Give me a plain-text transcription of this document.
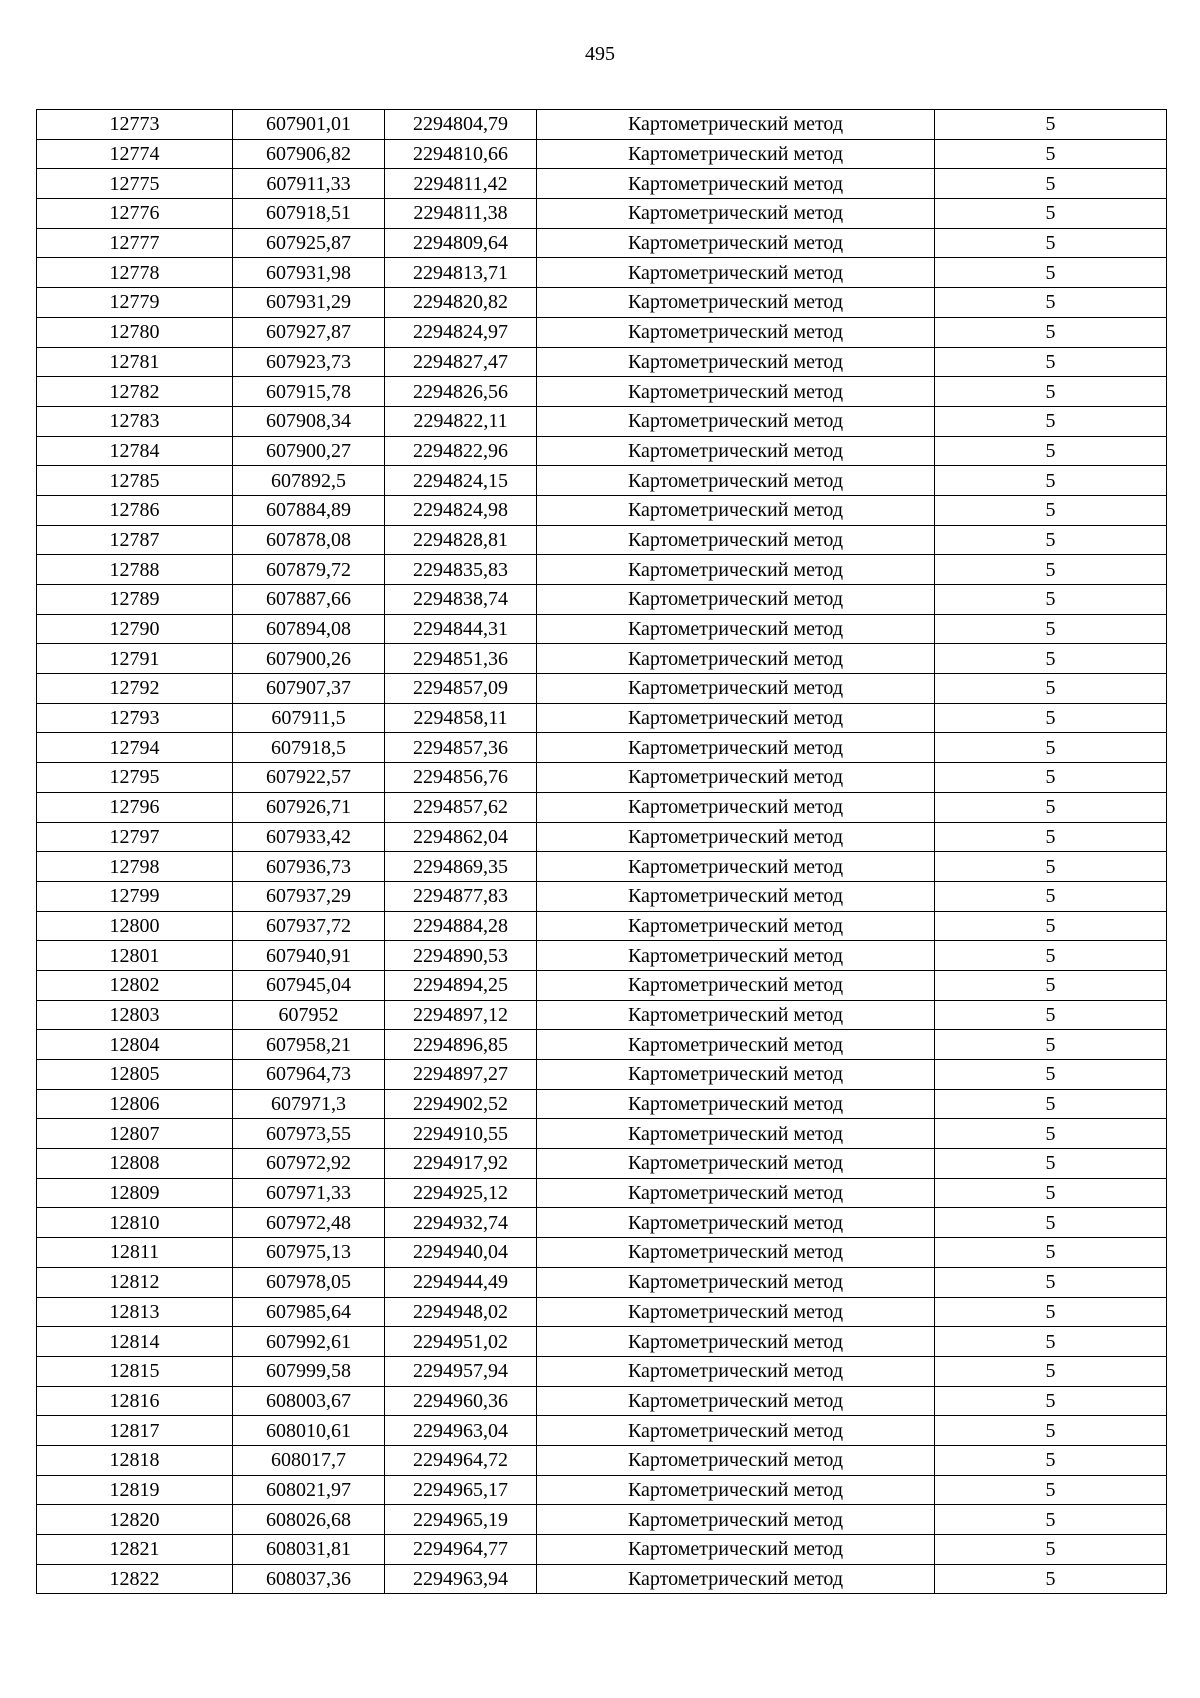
495
12773	607901,01	2294804,79	Картометрический метод	5
12774	607906,82	2294810,66	Картометрический метод	5
12775	607911,33	2294811,42	Картометрический метод	5
12776	607918,51	2294811,38	Картометрический метод	5
12777	607925,87	2294809,64	Картометрический метод	5
12778	607931,98	2294813,71	Картометрический метод	5
12779	607931,29	2294820,82	Картометрический метод	5
12780	607927,87	2294824,97	Картометрический метод	5
12781	607923,73	2294827,47	Картометрический метод	5
12782	607915,78	2294826,56	Картометрический метод	5
12783	607908,34	2294822,11	Картометрический метод	5
12784	607900,27	2294822,96	Картометрический метод	5
12785	607892,5	2294824,15	Картометрический метод	5
12786	607884,89	2294824,98	Картометрический метод	5
12787	607878,08	2294828,81	Картометрический метод	5
12788	607879,72	2294835,83	Картометрический метод	5
12789	607887,66	2294838,74	Картометрический метод	5
12790	607894,08	2294844,31	Картометрический метод	5
12791	607900,26	2294851,36	Картометрический метод	5
12792	607907,37	2294857,09	Картометрический метод	5
12793	607911,5	2294858,11	Картометрический метод	5
12794	607918,5	2294857,36	Картометрический метод	5
12795	607922,57	2294856,76	Картометрический метод	5
12796	607926,71	2294857,62	Картометрический метод	5
12797	607933,42	2294862,04	Картометрический метод	5
12798	607936,73	2294869,35	Картометрический метод	5
12799	607937,29	2294877,83	Картометрический метод	5
12800	607937,72	2294884,28	Картометрический метод	5
12801	607940,91	2294890,53	Картометрический метод	5
12802	607945,04	2294894,25	Картометрический метод	5
12803	607952	2294897,12	Картометрический метод	5
12804	607958,21	2294896,85	Картометрический метод	5
12805	607964,73	2294897,27	Картометрический метод	5
12806	607971,3	2294902,52	Картометрический метод	5
12807	607973,55	2294910,55	Картометрический метод	5
12808	607972,92	2294917,92	Картометрический метод	5
12809	607971,33	2294925,12	Картометрический метод	5
12810	607972,48	2294932,74	Картометрический метод	5
12811	607975,13	2294940,04	Картометрический метод	5
12812	607978,05	2294944,49	Картометрический метод	5
12813	607985,64	2294948,02	Картометрический метод	5
12814	607992,61	2294951,02	Картометрический метод	5
12815	607999,58	2294957,94	Картометрический метод	5
12816	608003,67	2294960,36	Картометрический метод	5
12817	608010,61	2294963,04	Картометрический метод	5
12818	608017,7	2294964,72	Картометрический метод	5
12819	608021,97	2294965,17	Картометрический метод	5
12820	608026,68	2294965,19	Картометрический метод	5
12821	608031,81	2294964,77	Картометрический метод	5
12822	608037,36	2294963,94	Картометрический метод	5
